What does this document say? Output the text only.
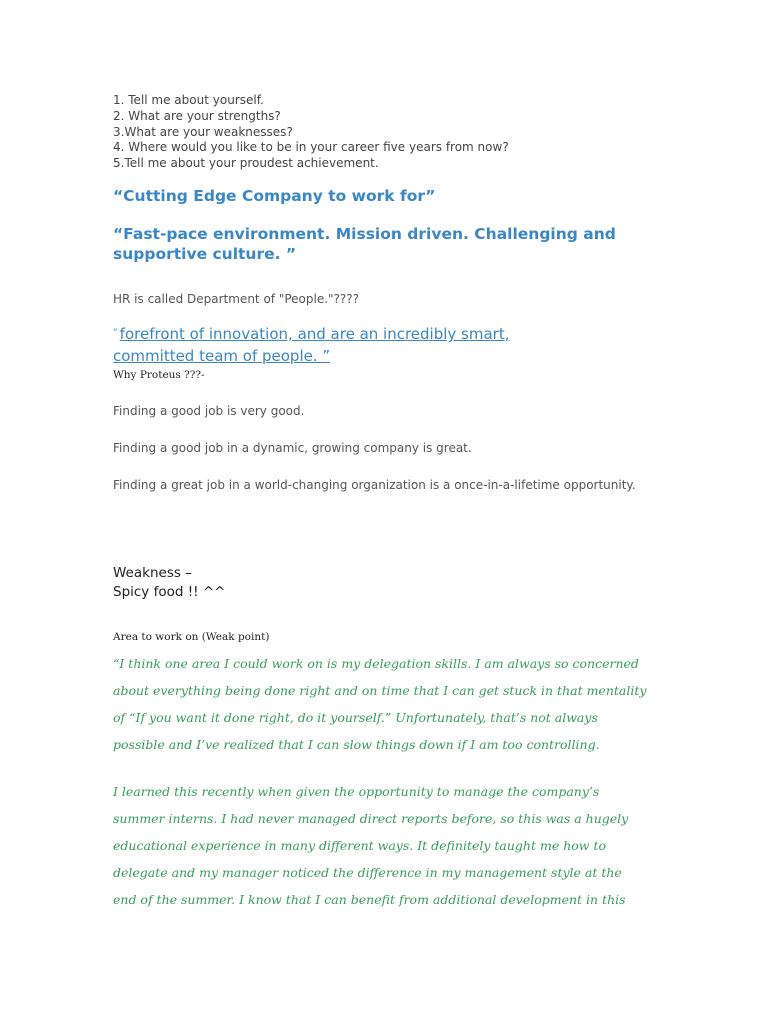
1. Tell me about yourself.
2. What are your strengths?
3.What are your weaknesses?
4. Where would you like to be in your career five years from now?
5.Tell me about your proudest achievement.
“Cutting Edge Company to work for”
“Fast-pace environment. Mission driven. Challenging and supportive culture. ”
HR is called Department of "People."????
“ forefront of innovation, and are an incredibly smart,
committed team of people. ”
Why Proteus ???-
Finding a good job is very good.
Finding a good job in a dynamic, growing company is great.
Finding a great job in a world-changing organization is a once-in-a-lifetime opportunity.
Weakness –
Spicy food !! ^^
Area to work on (Weak point)
“I think one area I could work on is my delegation skills. I am always so concerned
about everything being done right and on time that I can get stuck in that mentality
of “If you want it done right, do it yourself.” Unfortunately, that’s not always
possible and I’ve realized that I can slow things down if I am too controlling.
I learned this recently when given the opportunity to manage the company’s
summer interns. I had never managed direct reports before, so this was a hugely
educational experience in many different ways. It definitely taught me how to
delegate and my manager noticed the difference in my management style at the
end of the summer. I know that I can benefit from additional development in this
